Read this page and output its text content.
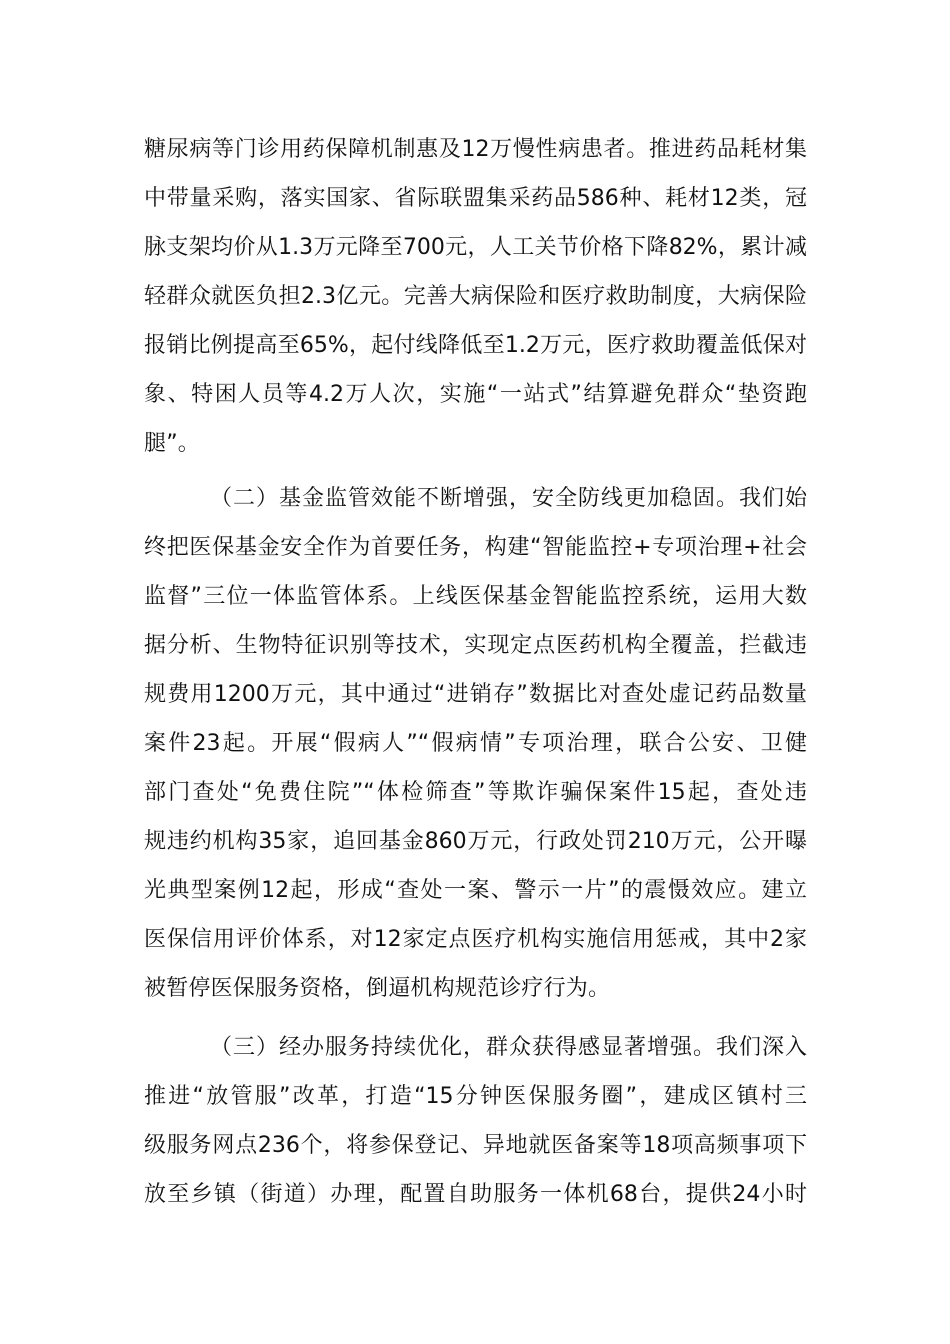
糖尿病等门诊用药保障机制惠及12万慢性病患者。推进药品耗材集
中带量采购，落实国家、省际联盟集采药品586种、耗材12类，冠
脉支架均价从1.3万元降至700元，人工关节价格下降82%，累计减
轻群众就医负担2.3亿元。完善大病保险和医疗救助制度，大病保险
报销比例提高至65%，起付线降低至1.2万元，医疗救助覆盖低保对
象、特困人员等4.2万人次，实施“一站式”结算避免群众“垫资跑
腿”。
（二）基金监管效能不断增强，安全防线更加稳固。我们始
终把医保基金安全作为首要任务，构建“智能监控+专项治理+社会
监督”三位一体监管体系。上线医保基金智能监控系统，运用大数
据分析、生物特征识别等技术，实现定点医药机构全覆盖，拦截违
规费用1200万元，其中通过“进销存”数据比对查处虚记药品数量
案件23起。开展“假病人”“假病情”专项治理，联合公安、卫健
部门查处“免费住院”“体检筛查”等欺诈骗保案件15起，查处违
规违约机构35家，追回基金860万元，行政处罚210万元，公开曝
光典型案例12起，形成“查处一案、警示一片”的震慑效应。建立
医保信用评价体系，对12家定点医疗机构实施信用惩戒，其中2家
被暂停医保服务资格，倒逼机构规范诊疗行为。
（三）经办服务持续优化，群众获得感显著增强。我们深入
推进“放管服”改革，打造“15分钟医保服务圈”，建成区镇村三
级服务网点236个，将参保登记、异地就医备案等18项高频事项下
放至乡镇（街道）办理，配置自助服务一体机68台，提供24小时
